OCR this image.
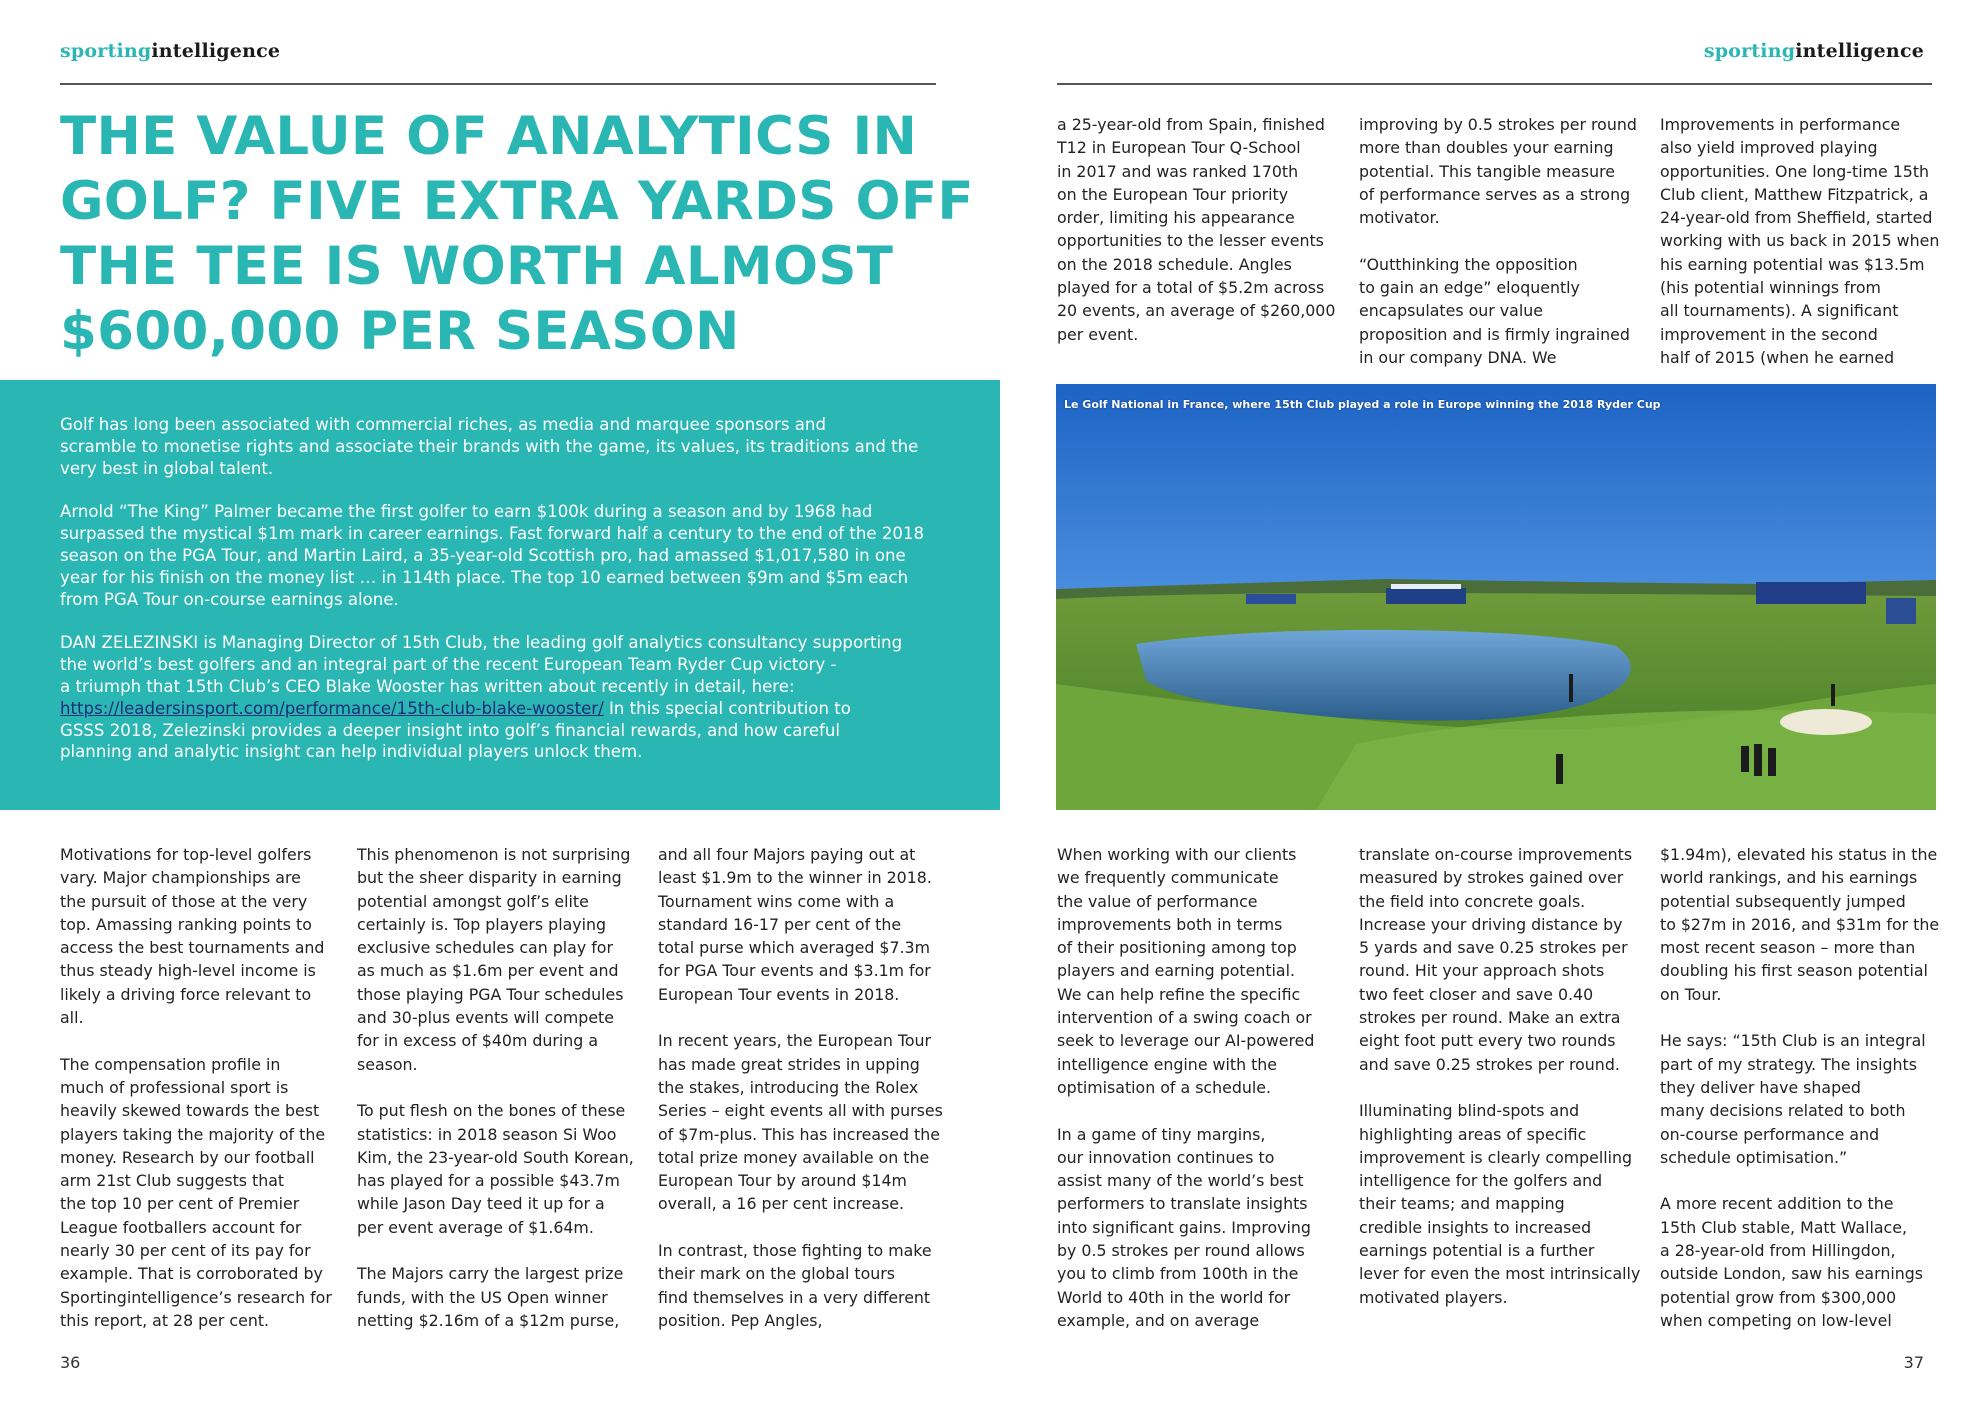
sportingintelligence
THE VALUE OF ANALYTICS IN
GOLF? FIVE EXTRA YARDS OFF
THE TEE IS WORTH ALMOST
$600,000 PER SEASON

Golf has long been associated with commercial riches, as media and marquee sponsors and
scramble to monetise rights and associate their brands with the game, its values, its traditions and the
very best in global talent.

Arnold “The King” Palmer became the first golfer to earn $100k during a season and by 1968 had
surpassed the mystical $1m mark in career earnings. Fast forward half a century to the end of the 2018
season on the PGA Tour, and Martin Laird, a 35-year-old Scottish pro, had amassed $1,017,580 in one
year for his finish on the money list … in 114th place. The top 10 earned between $9m and $5m each
from PGA Tour on-course earnings alone.

DAN ZELEZINSKI is Managing Director of 15th Club, the leading golf analytics consultancy supporting
the world’s best golfers and an integral part of the recent European Team Ryder Cup victory -
a triumph that 15th Club’s CEO Blake Wooster has written about recently in detail, here:
https://leadersinsport.com/performance/15th-club-blake-wooster/ In this special contribution to
GSSS 2018, Zelezinski provides a deeper insight into golf’s financial rewards, and how careful
planning and analytic insight can help individual players unlock them.

Motivations for top-level golfers
vary. Major championships are
the pursuit of those at the very
top. Amassing ranking points to
access the best tournaments and
thus steady high-level income is
likely a driving force relevant to
all.

The compensation profile in
much of professional sport is
heavily skewed towards the best
players taking the majority of the
money. Research by our football
arm 21st Club suggests that
the top 10 per cent of Premier
League footballers account for
nearly 30 per cent of its pay for
example. That is corroborated by
Sportingintelligence’s research for
this report, at 28 per cent.

This phenomenon is not surprising
but the sheer disparity in earning
potential amongst golf’s elite
certainly is. Top players playing
exclusive schedules can play for
as much as $1.6m per event and
those playing PGA Tour schedules
and 30-plus events will compete
for in excess of $40m during a
season.

To put flesh on the bones of these
statistics: in 2018 season Si Woo
Kim, the 23-year-old South Korean,
has played for a possible $43.7m
while Jason Day teed it up for a
per event average of $1.64m.

The Majors carry the largest prize
funds, with the US Open winner
netting $2.16m of a $12m purse,

and all four Majors paying out at
least $1.9m to the winner in 2018.
Tournament wins come with a
standard 16-17 per cent of the
total purse which averaged $7.3m
for PGA Tour events and $3.1m for
European Tour events in 2018.

In recent years, the European Tour
has made great strides in upping
the stakes, introducing the Rolex
Series – eight events all with purses
of $7m-plus. This has increased the
total prize money available on the
European Tour by around $14m
overall, a 16 per cent increase.

In contrast, those fighting to make
their mark on the global tours
find themselves in a very different
position. Pep Angles,

36
sportingintelligence

a 25-year-old from Spain, finished
T12 in European Tour Q-School
in 2017 and was ranked 170th
on the European Tour priority
order, limiting his appearance
opportunities to the lesser events
on the 2018 schedule. Angles
played for a total of $5.2m across
20 events, an average of $260,000
per event.

improving by 0.5 strokes per round
more than doubles your earning
potential. This tangible measure
of performance serves as a strong
motivator.

“Outthinking the opposition
to gain an edge” eloquently
encapsulates our value
proposition and is firmly ingrained
in our company DNA. We

Improvements in performance
also yield improved playing
opportunities. One long-time 15th
Club client, Matthew Fitzpatrick, a
24-year-old from Sheffield, started
working with us back in 2015 when
his earning potential was $13.5m
(his potential winnings from
all tournaments). A significant
improvement in the second
half of 2015 (when he earned

When working with our clients
we frequently communicate
the value of performance
improvements both in terms
of their positioning among top
players and earning potential.
We can help refine the specific
intervention of a swing coach or
seek to leverage our AI-powered
intelligence engine with the
optimisation of a schedule.

In a game of tiny margins,
our innovation continues to
assist many of the world’s best
performers to translate insights
into significant gains. Improving
by 0.5 strokes per round allows
you to climb from 100th in the
World to 40th in the world for
example, and on average

translate on-course improvements
measured by strokes gained over
the field into concrete goals.
Increase your driving distance by
5 yards and save 0.25 strokes per
round. Hit your approach shots
two feet closer and save 0.40
strokes per round. Make an extra
eight foot putt every two rounds
and save 0.25 strokes per round.

Illuminating blind-spots and
highlighting areas of specific
improvement is clearly compelling
intelligence for the golfers and
their teams; and mapping
credible insights to increased
earnings potential is a further
lever for even the most intrinsically
motivated players.

$1.94m), elevated his status in the
world rankings, and his earnings
potential subsequently jumped
to $27m in 2016, and $31m for the
most recent season – more than
doubling his first season potential
on Tour.

He says: “15th Club is an integral
part of my strategy. The insights
they deliver have shaped
many decisions related to both
on-course performance and
schedule optimisation.”

A more recent addition to the
15th Club stable, Matt Wallace,
a 28-year-old from Hillingdon,
outside London, saw his earnings
potential grow from $300,000
when competing on low-level

37
Le Golf National in France, where 15th Club played a role in Europe winning the 2018 Ryder Cup
